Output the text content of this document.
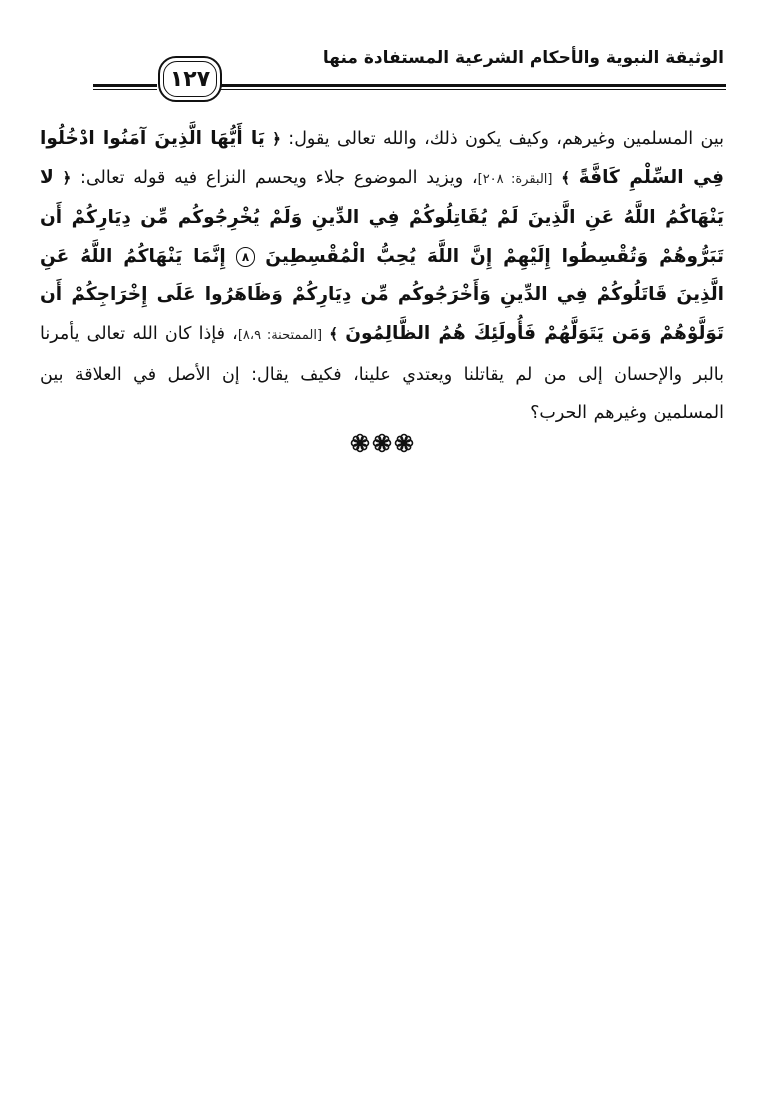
الوثيقة النبوية والأحكام الشرعية المستفادة منها
١٢٧
بين المسلمين وغيرهم، وكيف يكون ذلك، والله تعالى يقول: ﴿ يَا أَيُّهَا الَّذِينَ آمَنُوا ادْخُلُوا فِي السِّلْمِ كَافَّةً ﴾ [البقرة: ٢٠٨]، ويزيد الموضوع جلاء ويحسم النزاع فيه قوله تعالى: ﴿ لا يَنْهَاكُمُ اللَّهُ عَنِ الَّذِينَ لَمْ يُقَاتِلُوكُمْ فِي الدِّينِ وَلَمْ يُخْرِجُوكُم مِّن دِيَارِكُمْ أَن تَبَرُّوهُمْ وَتُقْسِطُوا إِلَيْهِمْ إِنَّ اللَّهَ يُحِبُّ الْمُقْسِطِينَ ٨ إِنَّمَا يَنْهَاكُمُ اللَّهُ عَنِ الَّذِينَ قَاتَلُوكُمْ فِي الدِّينِ وَأَخْرَجُوكُم مِّن دِيَارِكُمْ وَظَاهَرُوا عَلَى إِخْرَاجِكُمْ أَن تَوَلَّوْهُمْ وَمَن يَتَوَلَّهُمْ فَأُولَئِكَ هُمُ الظَّالِمُونَ ﴾ [الممتحنة: ٨،٩]، فإذا كان الله تعالى يأمرنا بالبر والإحسان إلى من لم يقاتلنا ويعتدي علينا، فكيف يقال: إن الأصل في العلاقة بين المسلمين وغيرهم الحرب؟
